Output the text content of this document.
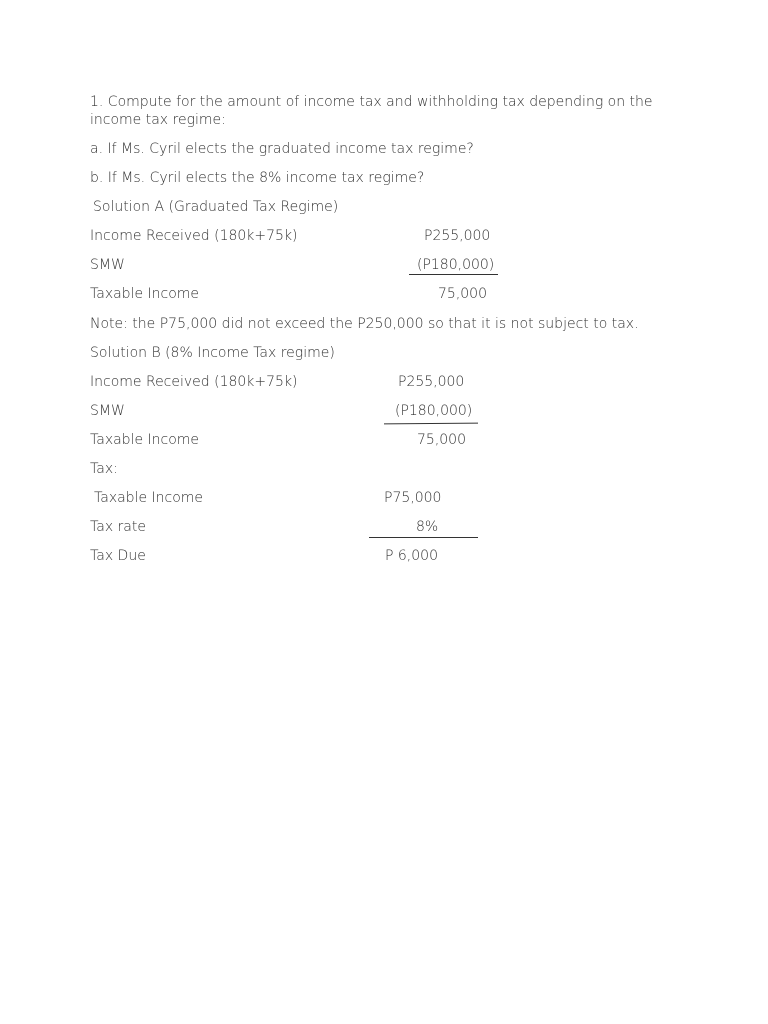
1. Compute for the amount of income tax and withholding tax depending on the income tax regime:
a. If Ms. Cyril elects the graduated income tax regime?
b. If Ms. Cyril elects the 8% income tax regime?
Solution A (Graduated Tax Regime)
Income Received (180k+75k)	P255,000
SMW	(P180,000)
Taxable Income	75,000
Note: the P75,000 did not exceed the P250,000 so that it is not subject to tax.
Solution B (8% Income Tax regime)
Income Received (180k+75k)	P255,000
SMW	(P180,000)
Taxable Income	75,000
Tax:
Taxable Income	P75,000
Tax rate	8%
Tax Due	P 6,000
